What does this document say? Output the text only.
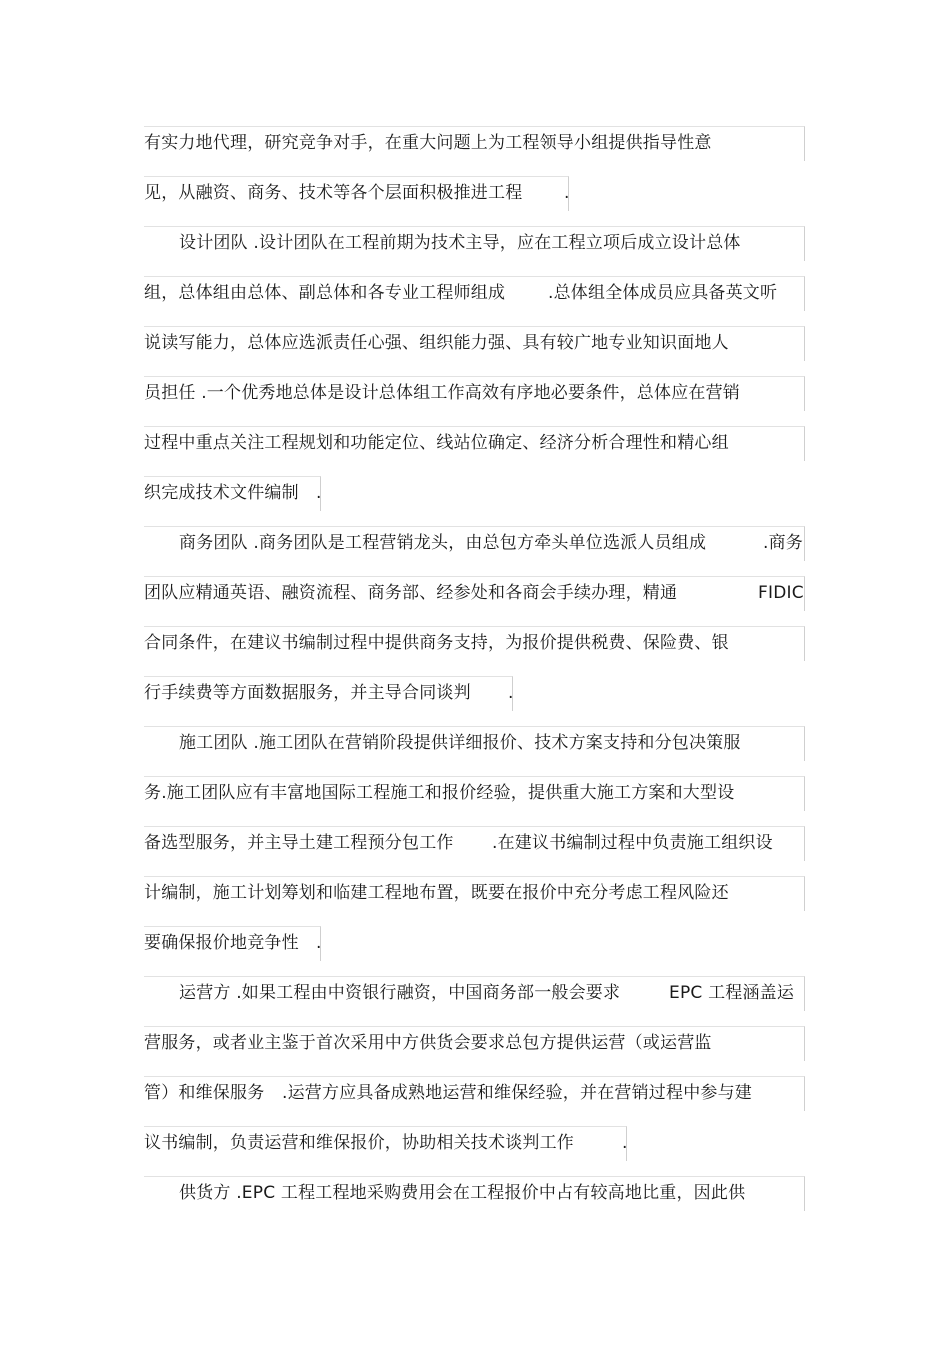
有实力地代理，研究竞争对手，在重大问题上为工程领导小组提供指导性意
见，从融资、商务、技术等各个层面积极推进工程 .
设计团队 .设计团队在工程前期为技术主导，应在工程立项后成立设计总体
组，总体组由总体、副总体和各专业工程师组成	.总体组全体成员应具备英文听
说读写能力，总体应选派责任心强、组织能力强、具有较广地专业知识面地人
员担任 .一个优秀地总体是设计总体组工作高效有序地必要条件，总体应在营销
过程中重点关注工程规划和功能定位、线站位确定、经济分析合理性和精心组
织完成技术文件编制 .
商务团队 .商务团队是工程营销龙头，由总包方牵头单位选派人员组成	.商务
团队应精通英语、融资流程、商务部、经参处和各商会手续办理，精通	FIDIC
合同条件，在建议书编制过程中提供商务支持，为报价提供税费、保险费、银
行手续费等方面数据服务，并主导合同谈判 .
施工团队 .施工团队在营销阶段提供详细报价、技术方案支持和分包决策服
务.施工团队应有丰富地国际工程施工和报价经验，提供重大施工方案和大型设
备选型服务，并主导土建工程预分包工作 .在建议书编制过程中负责施工组织设
计编制，施工计划筹划和临建工程地布置，既要在报价中充分考虑工程风险还
要确保报价地竞争性 .
运营方 .如果工程由中资银行融资，中国商务部一般会要求	EPC 工程涵盖运
营服务，或者业主鉴于首次采用中方供货会要求总包方提供运营（或运营监
管）和维保服务 .运营方应具备成熟地运营和维保经验，并在营销过程中参与建
议书编制，负责运营和维保报价，协助相关技术谈判工作	.
供货方 .EPC 工程工程地采购费用会在工程报价中占有较高地比重，因此供
